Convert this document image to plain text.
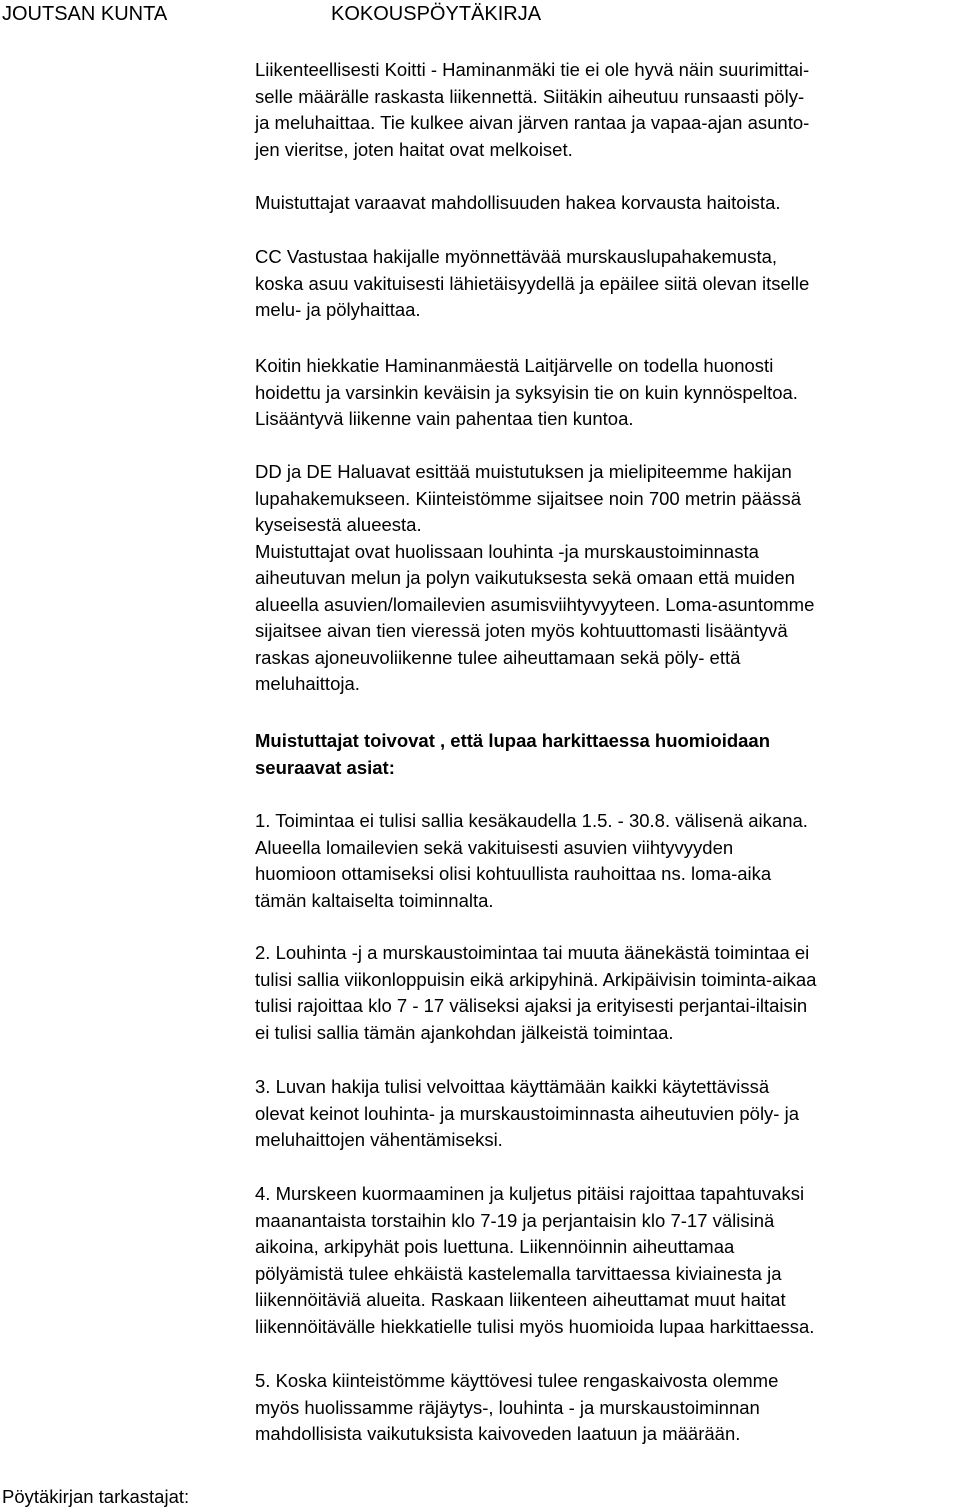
JOUTSAN KUNTA	KOKOUSPÖYTÄKIRJA

Liikenteellisesti Koitti - Haminanmäki tie ei ole hyvä näin suurimittai-

selle määrälle raskasta liikennettä. Siitäkin aiheutuu runsaasti pöly-

ja meluhaittaa. Tie kulkee aivan järven rantaa ja vapaa-ajan asunto-

jen vieritse, joten haitat ovat melkoiset.

Muistuttajat varaavat mahdollisuuden hakea korvausta haitoista.

CC Vastustaa hakijalle myönnettävää murskauslupahakemusta,

koska asuu vakituisesti lähietäisyydellä ja epäilee siitä olevan itselle

melu- ja pölyhaittaa.

Koitin hiekkatie Haminanmäestä Laitjärvelle on todella huonosti

hoidettu ja varsinkin keväisin ja syksyisin tie on kuin kynnöspeltoa.

Lisääntyvä liikenne vain pahentaa tien kuntoa.

DD ja DE Haluavat esittää muistutuksen ja mielipiteemme hakijan

lupahakemukseen. Kiinteistömme sijaitsee noin 700 metrin päässä

kyseisestä alueesta.

Muistuttajat ovat huolissaan louhinta -ja murskaustoiminnasta

aiheutuvan melun ja polyn vaikutuksesta sekä omaan että muiden

alueella asuvien/lomailevien asumisviihtyvyyteen. Loma-asuntomme

sijaitsee aivan tien vieressä joten myös kohtuuttomasti lisääntyvä

raskas ajoneuvoliikenne tulee aiheuttamaan sekä pöly- että

meluhaittoja.

Muistuttajat toivovat , että lupaa harkittaessa huomioidaan

seuraavat asiat:

1. Toimintaa ei tulisi sallia kesäkaudella 1.5. - 30.8. välisenä aikana.

Alueella lomailevien sekä vakituisesti asuvien viihtyvyyden

huomioon ottamiseksi olisi kohtuullista rauhoittaa ns. loma-aika

tämän kaltaiselta toiminnalta.

2. Louhinta -j a murskaustoimintaa tai muuta äänekästä toimintaa ei

tulisi sallia viikonloppuisin eikä arkipyhinä. Arkipäivisin toiminta-aikaa

tulisi rajoittaa klo 7 - 17 väliseksi ajaksi ja erityisesti perjantai-iltaisin

ei tulisi sallia tämän ajankohdan jälkeistä toimintaa.

3. Luvan hakija tulisi velvoittaa käyttämään kaikki käytettävissä

olevat keinot louhinta- ja murskaustoiminnasta aiheutuvien pöly- ja

meluhaittojen vähentämiseksi.

4. Murskeen kuormaaminen ja kuljetus pitäisi rajoittaa tapahtuvaksi

maanantaista torstaihin klo 7-19 ja perjantaisin klo 7-17 välisinä

aikoina, arkipyhät pois luettuna. Liikennöinnin aiheuttamaa

pölyämistä tulee ehkäistä kastelemalla tarvittaessa kiviainesta ja

liikennöitäviä alueita. Raskaan liikenteen aiheuttamat muut haitat

liikennöitävälle hiekkatielle tulisi myös huomioida lupaa harkittaessa.

5. Koska kiinteistömme käyttövesi tulee rengaskaivosta olemme

myös huolissamme räjäytys-, louhinta - ja murskaustoiminnan

mahdollisista vaikutuksista kaivoveden laatuun ja määrään.

Pöytäkirjan tarkastajat:
